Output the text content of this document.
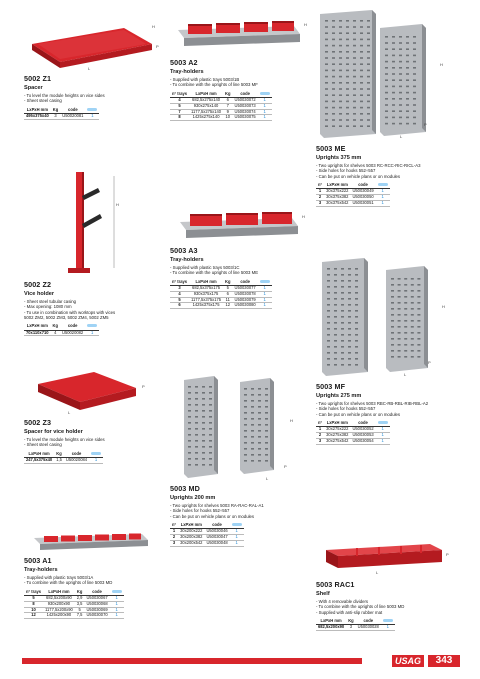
L
H
P
5002 Z1
Spacer
- To level the module heights on vice sides
- Sheet steel casing
LxPxH mm	Kg	code	
495x375x40	3	U50020081	1
H
5002 Z2
Vice holder
- Sheet steel tubular casing
- Max opening: 1080 mm
- To use in combination with worktops with vices
5002 ZM2, 5002 ZM3, 5002 ZM4, 5002 ZM5
LxPxH mm	Kg	code	
70x110x710	4	U50020082	1
L
P
5002 Z3
Spacer for vice holder
- To level the module heights on vice sides
- Sheet steel casing
LxPxH mm	Kg	code	
247,5x375x40	1,5	U50020084	1
5003 A1
Tray-holders
- Supplied with plastic trays 5003/1A
- To combine with the uprights of line 5003 MD
n° trays	LxPxH mm	Kg	code	
5	682,5x200x90	2,9	U50030067	1
8	930x200x90	3,5	U50030068	1
10	1177,5x200x90	5	U50030069	1
12	1425x200x90	7,5	U50030070	1
H
5003 A2
Tray-holders
- Supplied with plastic trays 5003/1B
- To combine with the uprights of line 5003 MF
n° trays	LxPxH mm	Kg	code	
4	682,5x275x140	6	U50030072	1
5	930x275x140	7	U50030073	1
7	1177,5x275x140	9	U50030074	1
8	1425x275x140	10	U50030075	1
H
5003 A3
Tray-holders
- Supplied with plastic trays 5003/1C
- To combine with the uprights of line 5003 ME
n° trays	LxPxH mm	Kg	code	
3	682,5x375x175	5	U50030077	1
4	930x375x175	6	U50030078	1
5	1177,5x375x175	11	U50030079	1
6	1425x375x175	12	U50030080	1
H
L
P
5003 MD
Uprights 200 mm
- Two uprights for shelves 5003 RA-RAC-RAL-A1
- Side holes for hooks 552÷557
- Can be put on vehicle plans or on modules
n°	LxPxH mm	code	
1	30x200x222	U50030046	1
2	30x200x382	U50030047	1
3	30x200x542	U50030048	1
H
L
P
5003 ME
Uprights 375 mm
- Two uprights for shelves 5003 RC-RCC-RIC-RICL-A3
- Side holes for hooks 552÷557
- Can be put on vehicle plans or on modules
n°	LxPxH mm	code	
1	30x375x222	U50030049	1
2	30x375x382	U50030050	1
3	30x375x542	U50030051	1
H
L
P
5003 MF
Uprights 275 mm
- Two uprights for shelves 5003 RBC-RB-RBL-RIB-RBL-A2
- Side holes for hooks 552÷557
- Can be put on vehicle plans or on modules
n°	LxPxH mm	code	
1	30x275x222	U50030052	1
2	30x275x382	U50030053	1
3	30x275x542	U50030054	1
L
P
5003 RAC1
Shelf
- With 4 removable dividers
- To combine with the uprights of line 5003 MD
- Supplied with anti-slip rubber mat
LxPxH mm	Kg	code	
682,5x200x90	3	U50030028	1
USAG	343
